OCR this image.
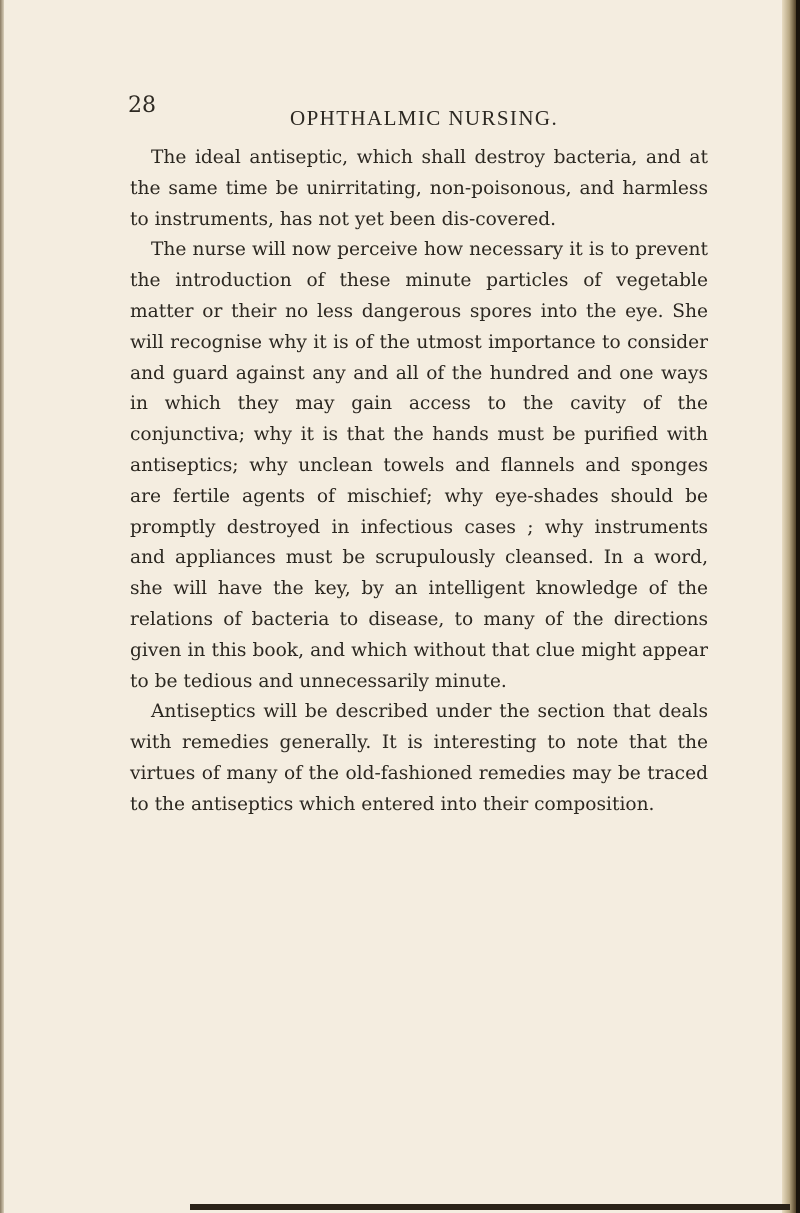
28	OPHTHALMIC NURSING.

The ideal antiseptic, which shall destroy bacteria, and at the same time be unirritating, non-poisonous, and harmless to instruments, has not yet been dis-covered.

The nurse will now perceive how necessary it is to prevent the introduction of these minute particles of vegetable matter or their no less dangerous spores into the eye. She will recognise why it is of the utmost importance to consider and guard against any and all of the hundred and one ways in which they may gain access to the cavity of the conjunctiva; why it is that the hands must be purified with antiseptics; why unclean towels and flannels and sponges are fertile agents of mischief; why eye-shades should be promptly destroyed in infectious cases ; why instruments and appliances must be scrupulously cleansed. In a word, she will have the key, by an intelligent knowledge of the relations of bacteria to disease, to many of the directions given in this book, and which without that clue might appear to be tedious and unnecessarily minute.

Antiseptics will be described under the section that deals with remedies generally. It is interesting to note that the virtues of many of the old-fashioned remedies may be traced to the antiseptics which entered into their composition.
